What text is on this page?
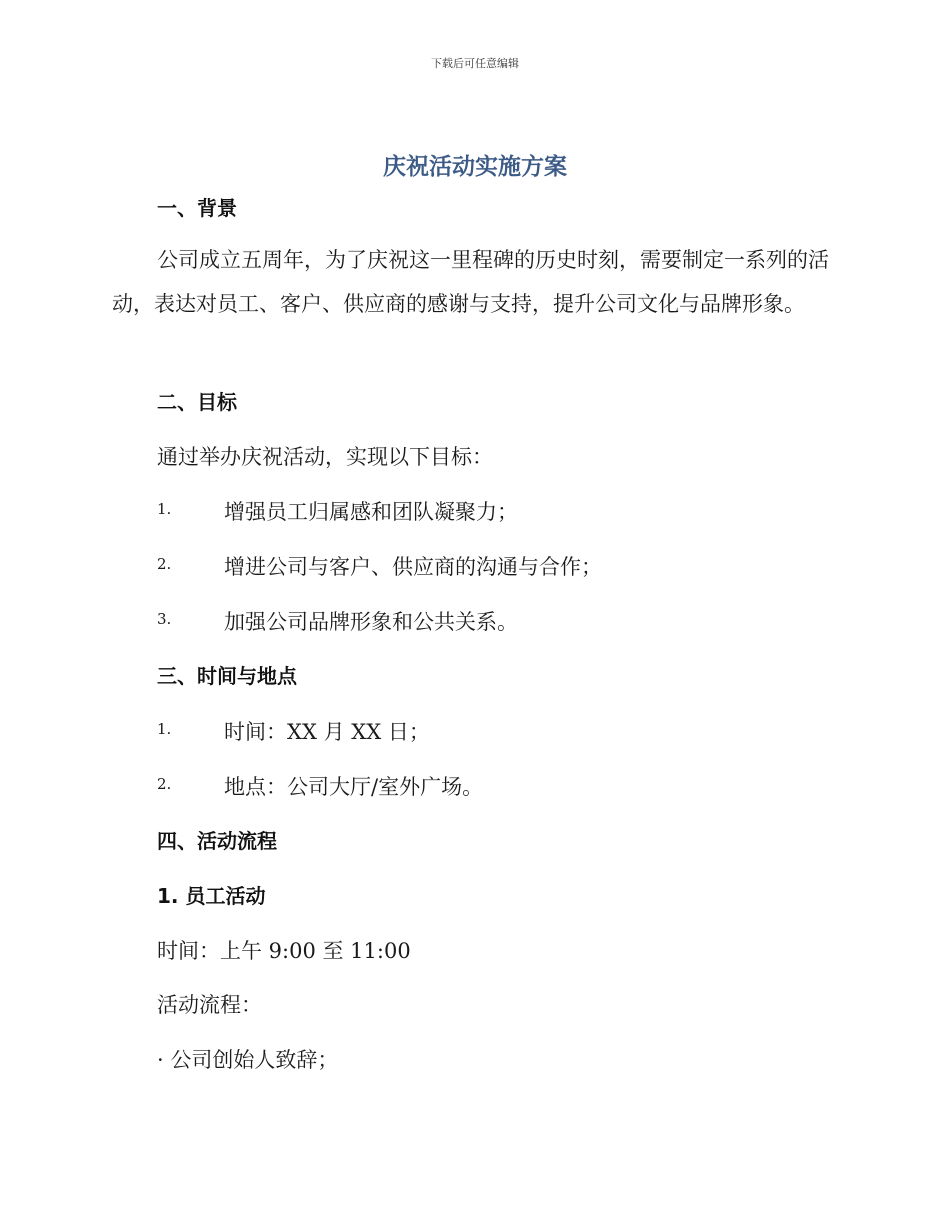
下载后可任意编辑
庆祝活动实施方案
一、背景
公司成立五周年，为了庆祝这一里程碑的历史时刻，需要制定一系列的活动，表达对员工、客户、供应商的感谢与支持，提升公司文化与品牌形象。
二、目标
通过举办庆祝活动，实现以下目标：
1.	增强员工归属感和团队凝聚力；
2.	增进公司与客户、供应商的沟通与合作；
3.	加强公司品牌形象和公共关系。
三、时间与地点
1.	时间：XX 月 XX 日；
2.	地点：公司大厅/室外广场。
四、活动流程
1. 员工活动
时间：上午 9:00 至 11:00
活动流程：
· 公司创始人致辞；
